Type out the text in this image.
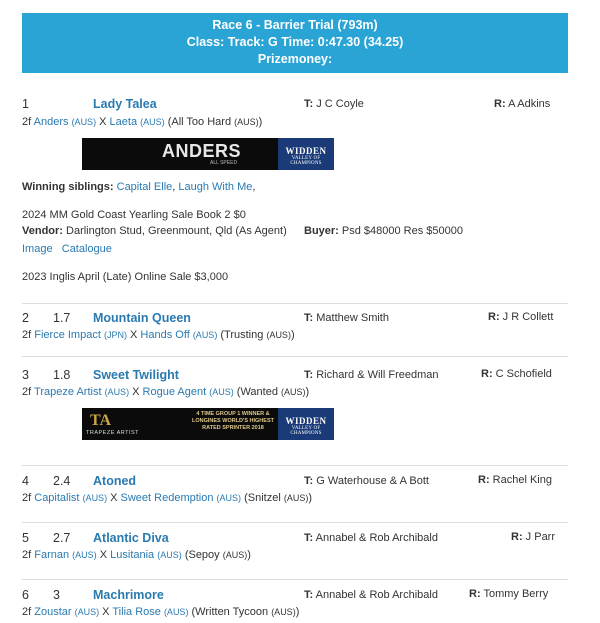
Race 6 - Barrier Trial (793m)
Class: Track: G Time: 0:47.30 (34.25)
Prizemoney:
1	Lady Talea	T: J C Coyle	R: A Adkins
2f Anders (AUS) X Laeta (AUS) (All Too Hard (AUS))
ANDERS
ALL SPEED
WIDDEN
VALLEY OF CHAMPIONS
Winning siblings: Capital Elle, Laugh With Me,
2024 MM Gold Coast Yearling Sale Book 2 $0
Vendor: Darlington Stud, Greenmount, Qld (As Agent) Buyer: Psd $48000 Res $50000
Image Catalogue
2023 Inglis April (Late) Online Sale $3,000
2 1.7 Mountain Queen	T: Matthew Smith	R: J R Collett
2f Fierce Impact (JPN) X Hands Off (AUS) (Trusting (AUS))
3 1.8 Sweet Twilight	T: Richard & Will Freedman	R: C Schofield
2f Trapeze Artist (AUS) X Rogue Agent (AUS) (Wanted (AUS))
TA
TRAPEZE ARTIST
4 TIME GROUP 1 WINNER & LONGINES WORLD'S HIGHEST RATED SPRINTER 2018
WIDDEN
VALLEY OF CHAMPIONS
4 2.4 Atoned	T: G Waterhouse & A Bott	R: Rachel King
2f Capitalist (AUS) X Sweet Redemption (AUS) (Snitzel (AUS))
5 2.7 Atlantic Diva	T: Annabel & Rob Archibald	R: J Parr
2f Farnan (AUS) X Lusitania (AUS) (Sepoy (AUS))
6 3	Machrimore	T: Annabel & Rob Archibald	R: Tommy Berry
2f Zoustar (AUS) X Tilia Rose (AUS) (Written Tycoon (AUS))
